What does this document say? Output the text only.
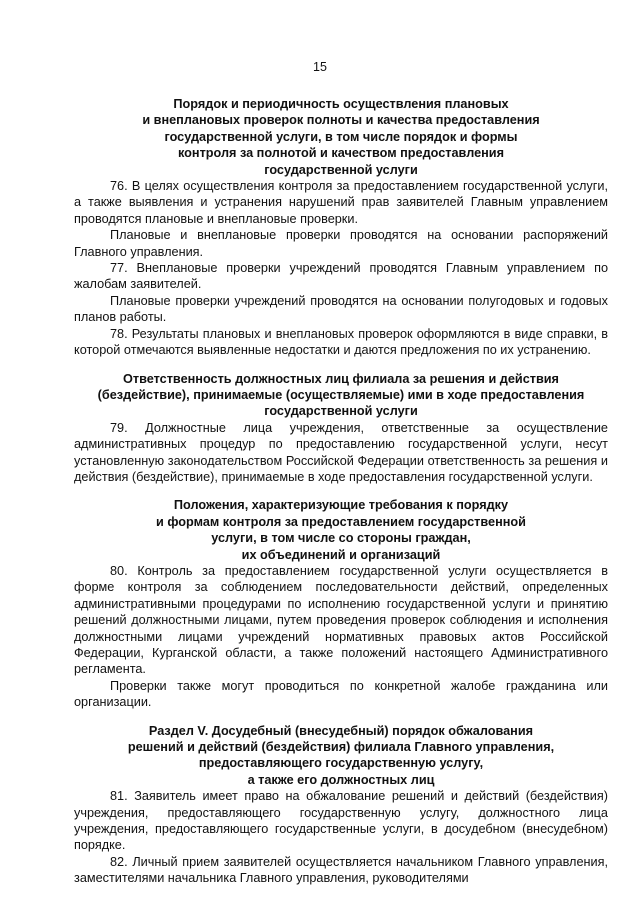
15
Порядок и периодичность осуществления плановых
и внеплановых проверок полноты и качества предоставления
государственной услуги, в том числе порядок и формы
контроля за полнотой и качеством предоставления
государственной услуги

76. В целях осуществления контроля за предоставлением государственной услуги, а также выявления и устранения нарушений прав заявителей Главным управлением проводятся плановые и внеплановые проверки.

Плановые и внеплановые проверки проводятся на основании распоряжений Главного управления.

77. Внеплановые проверки учреждений проводятся Главным управлением по жалобам заявителей.

Плановые проверки учреждений проводятся на основании полугодовых и годовых планов работы.

78. Результаты плановых и внеплановых проверок оформляются в виде справки, в которой отмечаются выявленные недостатки и даются предложения по их устранению.

Ответственность должностных лиц филиала за решения и действия
(бездействие), принимаемые (осуществляемые) ими в ходе предоставления
государственной услуги

79. Должностные лица учреждения, ответственные за осуществление административных процедур по предоставлению государственной услуги, несут установленную законодательством Российской Федерации ответственность за решения и действия (бездействие), принимаемые в ходе предоставления государственной услуги.

Положения, характеризующие требования к порядку
и формам контроля за предоставлением государственной
услуги, в том числе со стороны граждан,
их объединений и организаций

80. Контроль за предоставлением государственной услуги осуществляется в форме контроля за соблюдением последовательности действий, определенных административными процедурами по исполнению государственной услуги и принятию решений должностными лицами, путем проведения проверок соблюдения и исполнения должностными лицами учреждений нормативных правовых актов Российской Федерации, Курганской области, а также положений настоящего Административного регламента.

Проверки также могут проводиться по конкретной жалобе гражданина или организации.

Раздел V. Досудебный (внесудебный) порядок обжалования
решений и действий (бездействия) филиала Главного управления,
предоставляющего государственную услугу,
а также его должностных лиц

81. Заявитель имеет право на обжалование решений и действий (бездействия) учреждения, предоставляющего государственную услугу, должностного лица учреждения, предоставляющего государственные услуги, в досудебном (внесудебном) порядке.

82. Личный прием заявителей осуществляется начальником Главного управления, заместителями начальника Главного управления, руководителями
